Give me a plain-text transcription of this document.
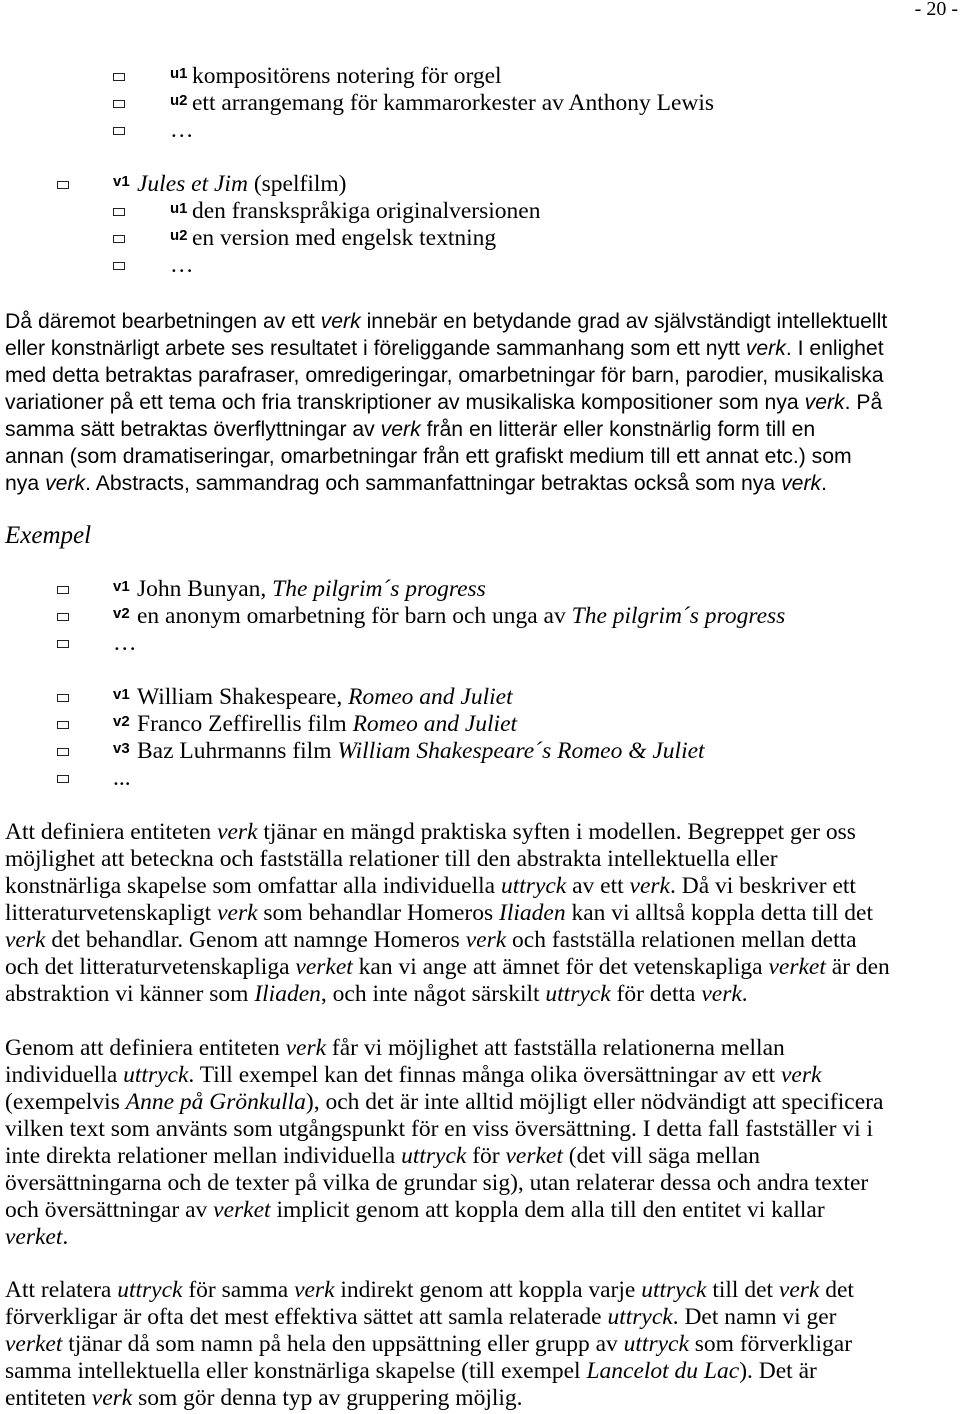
- 20 -
u1 kompositörens notering för orgel
u2 ett arrangemang för kammarorkester av Anthony Lewis
…
v1 Jules et Jim (spelfilm)
u1 den franskspråkiga originalversionen
u2 en version med engelsk textning
…
Då däremot bearbetningen av ett verk innebär en betydande grad av självständigt intellektuellt
eller konstnärligt arbete ses resultatet i föreliggande sammanhang som ett nytt verk. I enlighet
med detta betraktas parafraser, omredigeringar, omarbetningar för barn, parodier, musikaliska
variationer på ett tema och fria transkriptioner av musikaliska kompositioner som nya verk. På
samma sätt betraktas överflyttningar av verk från en litterär eller konstnärlig form till en
annan (som dramatiseringar, omarbetningar från ett grafiskt medium till ett annat etc.) som
nya verk. Abstracts, sammandrag och sammanfattningar betraktas också som nya verk.
Exempel
v1 John Bunyan, The pilgrim´s progress
v2 en anonym omarbetning för barn och unga av The pilgrim´s progress
…
v1 William Shakespeare, Romeo and Juliet
v2 Franco Zeffirellis film Romeo and Juliet
v3 Baz Luhrmanns film William Shakespeare´s Romeo & Juliet
...
Att definiera entiteten verk tjänar en mängd praktiska syften i modellen. Begreppet ger oss
möjlighet att beteckna och fastställa relationer till den abstrakta intellektuella eller
konstnärliga skapelse som omfattar alla individuella uttryck av ett verk. Då vi beskriver ett
litteraturvetenskapligt verk som behandlar Homeros Iliaden kan vi alltså koppla detta till det
verk det behandlar. Genom att namnge Homeros verk och fastställa relationen mellan detta
och det litteraturvetenskapliga verket kan vi ange att ämnet för det vetenskapliga verket är den
abstraktion vi känner som Iliaden, och inte något särskilt uttryck för detta verk.
Genom att definiera entiteten verk får vi möjlighet att fastställa relationerna mellan
individuella uttryck. Till exempel kan det finnas många olika översättningar av ett verk
(exempelvis Anne på Grönkulla), och det är inte alltid möjligt eller nödvändigt att specificera
vilken text som använts som utgångspunkt för en viss översättning. I detta fall fastställer vi i
inte direkta relationer mellan individuella uttryck för verket (det vill säga mellan
översättningarna och de texter på vilka de grundar sig), utan relaterar dessa och andra texter
och översättningar av verket implicit genom att koppla dem alla till den entitet vi kallar
verket.
Att relatera uttryck för samma verk indirekt genom att koppla varje uttryck till det verk det
förverkligar är ofta det mest effektiva sättet att samla relaterade uttryck. Det namn vi ger
verket tjänar då som namn på hela den uppsättning eller grupp av uttryck som förverkligar
samma intellektuella eller konstnärliga skapelse (till exempel Lancelot du Lac). Det är
entiteten verk som gör denna typ av gruppering möjlig.
